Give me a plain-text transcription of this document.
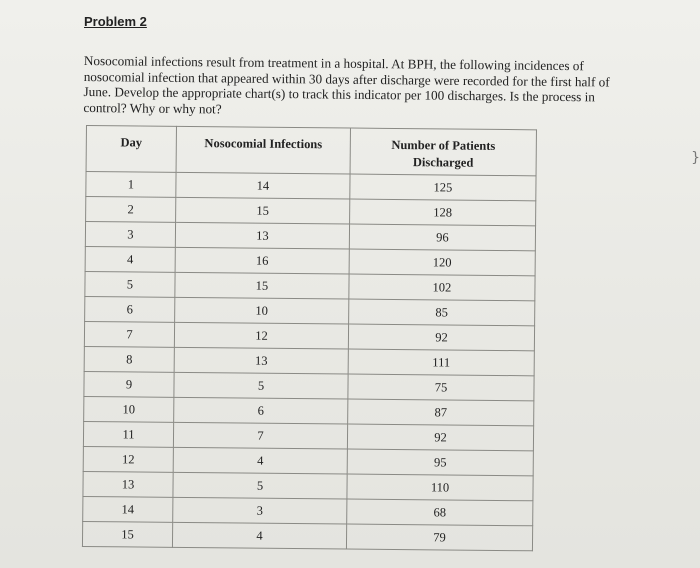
Problem 2
Nosocomial infections result from treatment in a hospital. At BPH, the following incidences of nosocomial infection that appeared within 30 days after discharge were recorded for the first half of June. Develop the appropriate chart(s) to track this indicator per 100 discharges. Is the process in control? Why or why not?
Day	Nosocomial Infections	Number of Patients
Discharged
1	14	125
2	15	128
3	13	96
4	16	120
5	15	102
6	10	85
7	12	92
8	13	111
9	5	75
10	6	87
11	7	92
12	4	95
13	5	110
14	3	68
15	4	79
}
